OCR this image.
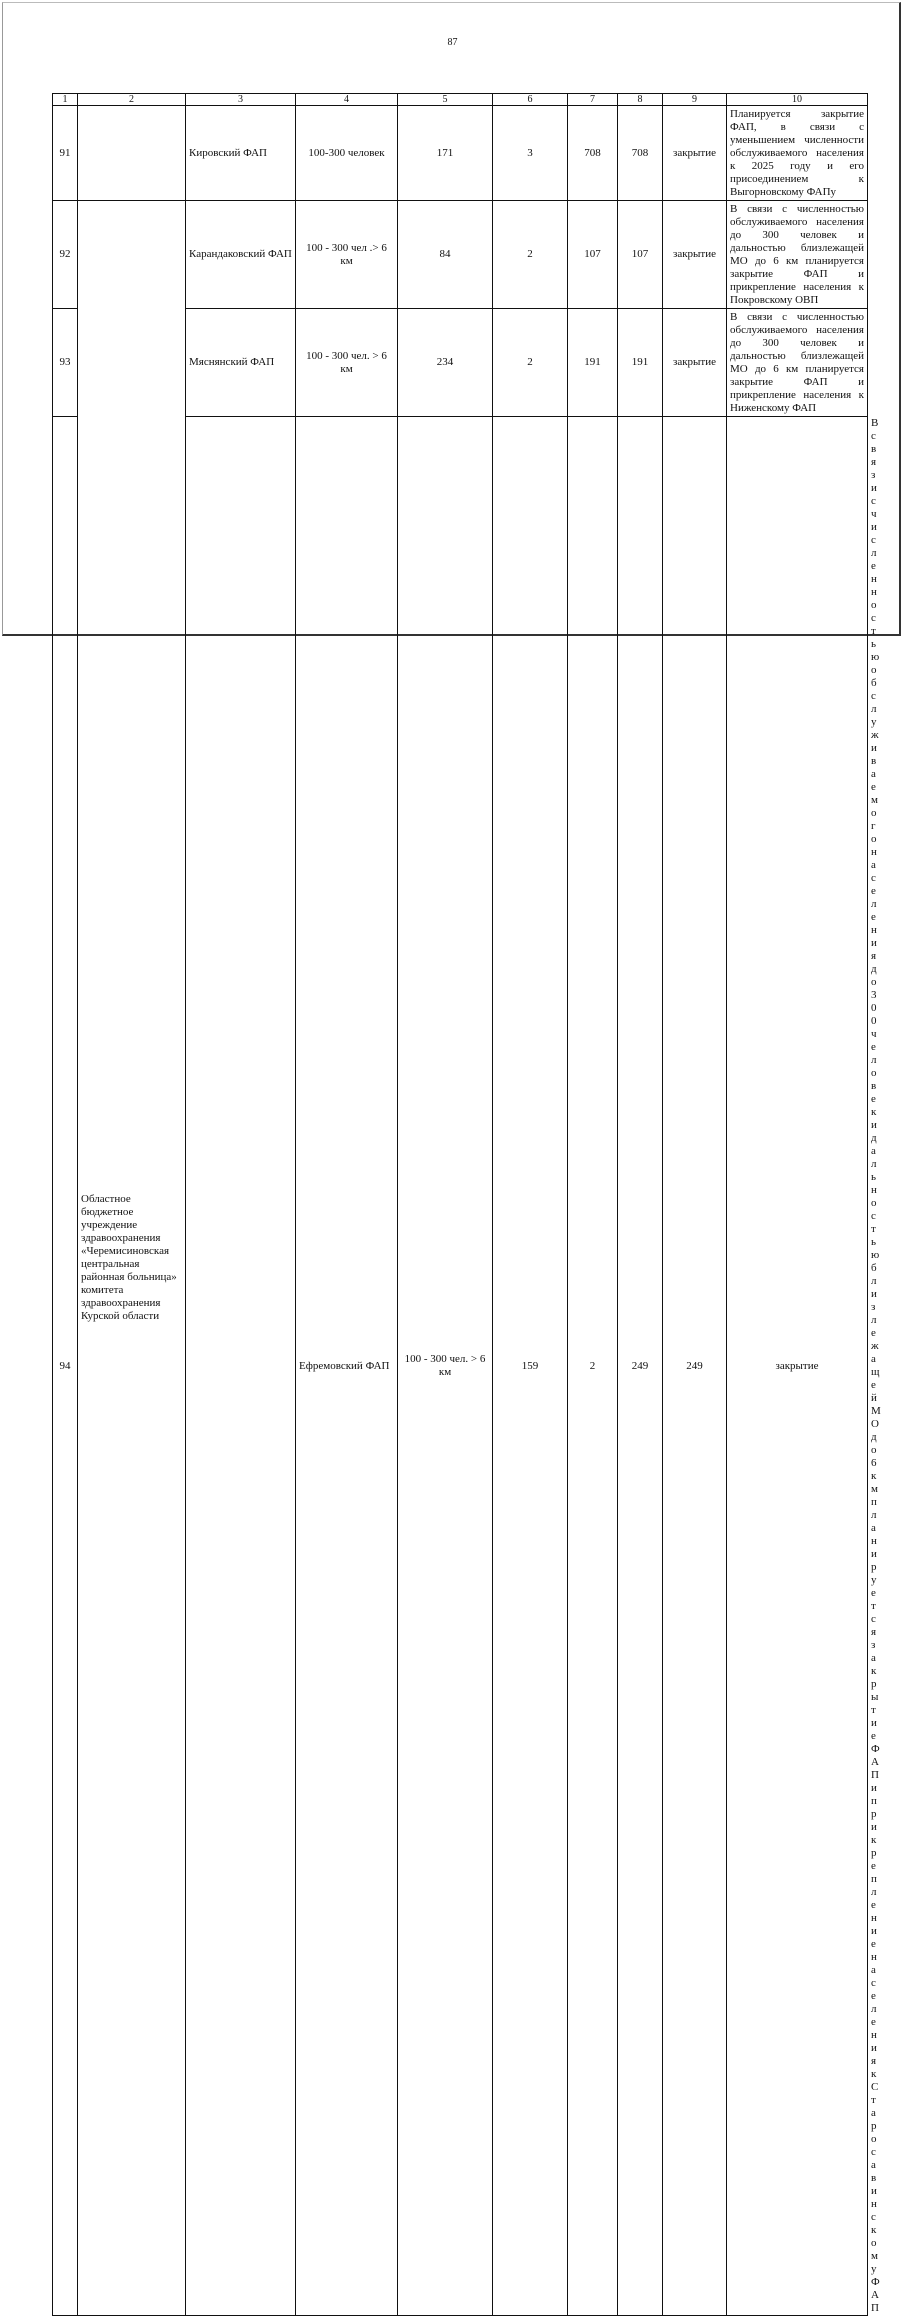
87
1	2	3	4	5	6	7	8	9	10	
91		Кировский ФАП	100-300 человек	171	3	708	708	закрытие	Планируется закрытие ФАП, в связи с уменьшением численности обслуживаемого населения к 2025 году и его присоединением к Выгорновскому ФАПу	
92	Областное бюджетное учреждение здравоохранения «Черемисиновская центральная районная больница» комитета здравоохранения Курской области	Карандаковский ФАП	100 - 300 чел .> 6 км	84	2	107	107	закрытие	В связи с численностью обслуживаемого населения до 300 человек и дальностью близлежащей МО до 6 км планируется закрытие ФАП и прикрепление населения к Покровскому ОВП	
93		Мяснянский ФАП	100 - 300 чел. > 6 км	234	2	191	191	закрытие	В связи с численностью обслуживаемого населения до 300 человек и дальностью близлежащей МО до 6 км планируется закрытие ФАП и прикрепление населения к Ниженскому ФАП	
94			Ефремовский ФАП	100 - 300 чел. > 6 км	159	2	249	249	закрытие	В связи с численностью обслуживаемого населения до 300 человек и дальностью близлежащей МО до 6 км планируется закрытие ФАП и прикрепление населения к Старосавинскому ФАП
